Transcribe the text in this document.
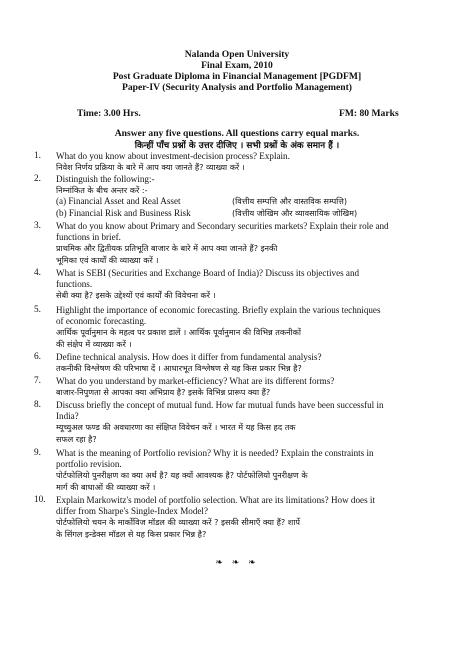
Nalanda Open University
Final Exam, 2010
Post Graduate Diploma in Financial Management [PGDFM]
Paper-IV (Security Analysis and Portfolio Management)
Time: 3.00 Hrs.	FM: 80 Marks
Answer any five questions. All questions carry equal marks.
किन्हीं पाँच प्रश्नों के उत्तर दीजिए । सभी प्रश्नों के अंक समान हैं ।
1. What do you know about investment-decision process? Explain.
निवेश निर्णय प्रक्रिया के बारे में आप क्या जानते हैं? व्याख्या करें ।
2. Distinguish the following:-
निम्नांकित के बीच अन्तर करें :-
(a) Financial Asset and Real Asset	(वित्तीय सम्पत्ति और वास्तविक सम्पत्ति)
(b) Financial Risk and Business Risk	(वित्तीय जोखिम और व्यावसायिक जोखिम)
3. What do you know about Primary and Secondary securities markets? Explain their role and
functions in brief.
प्राथमिक और द्वितीयक प्रतिभूति बाजार के बारे में आप क्या जानते हैं? इनकी
भूमिका एवं कार्यों की व्याख्या करें ।
4. What is SEBI (Securities and Exchange Board of India)? Discuss its objectives and
functions.
सेबी क्या है? इसके उद्देश्यों एवं कार्यों की विवेचना करें ।
5. Highlight the importance of economic forecasting. Briefly explain the various techniques
of economic forecasting.
आर्थिक पूर्वानुमान के महत्व पर प्रकाश डालें । आर्थिक पूर्वानुमान की विभिन्न तकनीकों
की संक्षेप में व्याख्या करें ।
6. Define technical analysis. How does it differ from fundamental analysis?
तकनीकी विश्लेषण की परिभाषा दें । आधारभूत विश्लेषण से यह किस प्रकार भिन्न है?
7. What do you understand by market-efficiency? What are its different forms?
बाजार-निपुणता से आपका क्या अभिप्राय है? इसके विभिन्न प्रारूप क्या हैं?
8. Discuss briefly the concept of mutual fund. How far mutual funds have been successful in
India?
म्यूच्युअल फण्ड की अवधारणा का संक्षिप्त विवेचन करें । भारत में यह किस हद तक
सफल रहा है?
9. What is the meaning of Portfolio revision? Why it is needed? Explain the constraints in
portfolio revision.
पोर्टफोलियो पुनरीक्षण का क्या अर्थ है? यह क्यों आवश्यक है? पोर्टफोलियो पुनरीक्षण के
मार्ग की बाधाओं की व्याख्या करें ।
10. Explain Markowitz's model of portfolio selection. What are its limitations? How does it
differ from Sharpe's Single-Index Model?
पोर्टफोलियो चयन के मार्कोविज मॉडल की व्याख्या करें ? इसकी सीमाएँ क्या हैं? शार्पे
के सिंगल इन्डेक्स मॉडल से यह किस प्रकार भिन्न है?
❧ ❧ ❧
